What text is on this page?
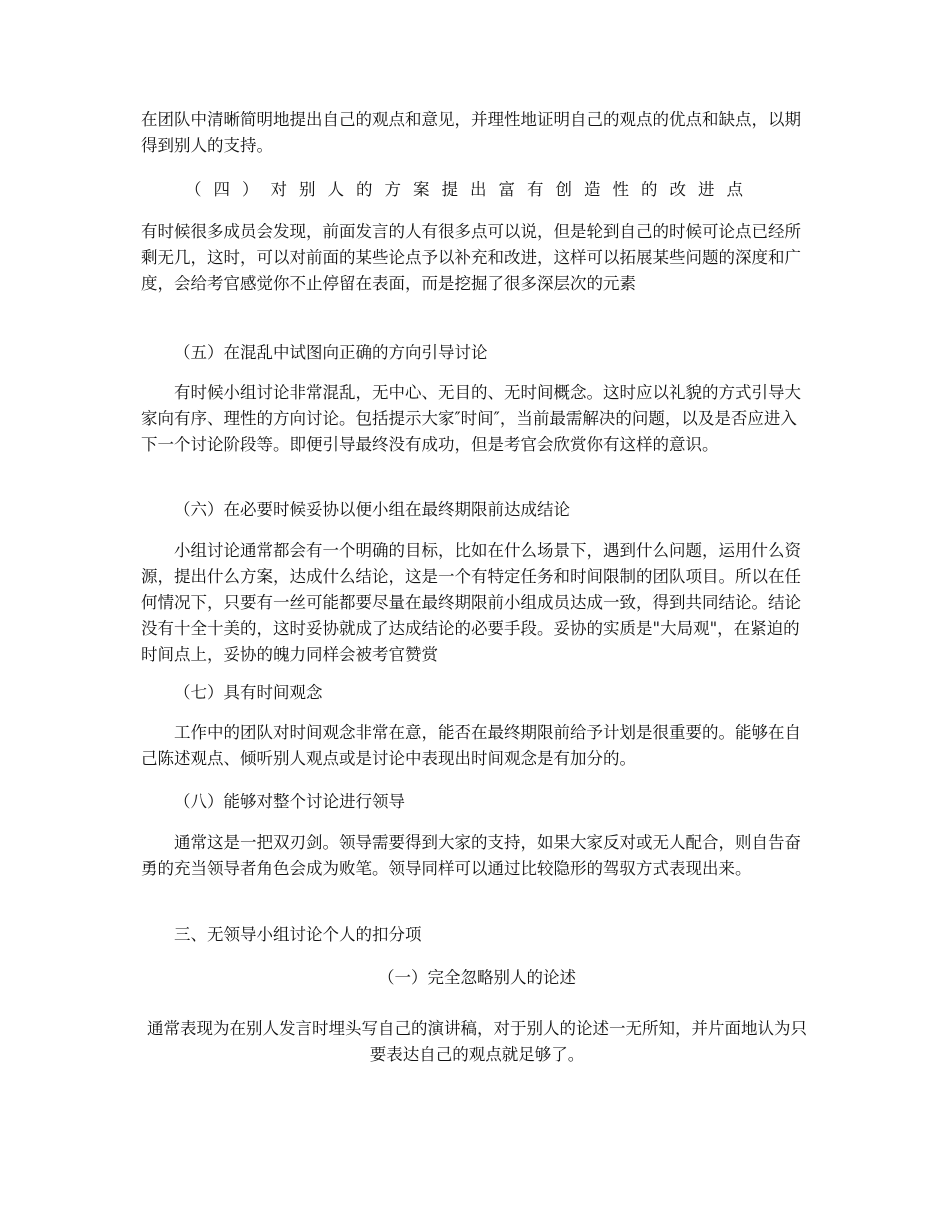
在团队中清晰简明地提出自己的观点和意见，并理性地证明自己的观点的优点和缺点，以期得到别人的支持。

（四）对别人的方案提出富有创造性的改进点

有时候很多成员会发现，前面发言的人有很多点可以说，但是轮到自己的时候可论点已经所剩无几，这时，可以对前面的某些论点予以补充和改进，这样可以拓展某些问题的深度和广度，会给考官感觉你不止停留在表面，而是挖掘了很多深层次的元素

（五）在混乱中试图向正确的方向引导讨论

有时候小组讨论非常混乱，无中心、无目的、无时间概念。这时应以礼貌的方式引导大家向有序、理性的方向讨论。包括提示大家″时间″，当前最需解决的问题，以及是否应进入下一个讨论阶段等。即便引导最终没有成功，但是考官会欣赏你有这样的意识。

（六）在必要时候妥协以便小组在最终期限前达成结论

小组讨论通常都会有一个明确的目标，比如在什么场景下，遇到什么问题，运用什么资源，提出什么方案，达成什么结论，这是一个有特定任务和时间限制的团队项目。所以在任何情况下，只要有一丝可能都要尽量在最终期限前小组成员达成一致，得到共同结论。结论没有十全十美的，这时妥协就成了达成结论的必要手段。妥协的实质是"大局观"，在紧迫的时间点上，妥协的魄力同样会被考官赞赏

（七）具有时间观念

工作中的团队对时间观念非常在意，能否在最终期限前给予计划是很重要的。能够在自己陈述观点、倾听别人观点或是讨论中表现出时间观念是有加分的。

（八）能够对整个讨论进行领导

通常这是一把双刃剑。领导需要得到大家的支持，如果大家反对或无人配合，则自告奋勇的充当领导者角色会成为败笔。领导同样可以通过比较隐形的驾驭方式表现出来。

三、无领导小组讨论个人的扣分项

（一）完全忽略别人的论述

通常表现为在别人发言时埋头写自己的演讲稿，对于别人的论述一无所知，并片面地认为只要表达自己的观点就足够了。
